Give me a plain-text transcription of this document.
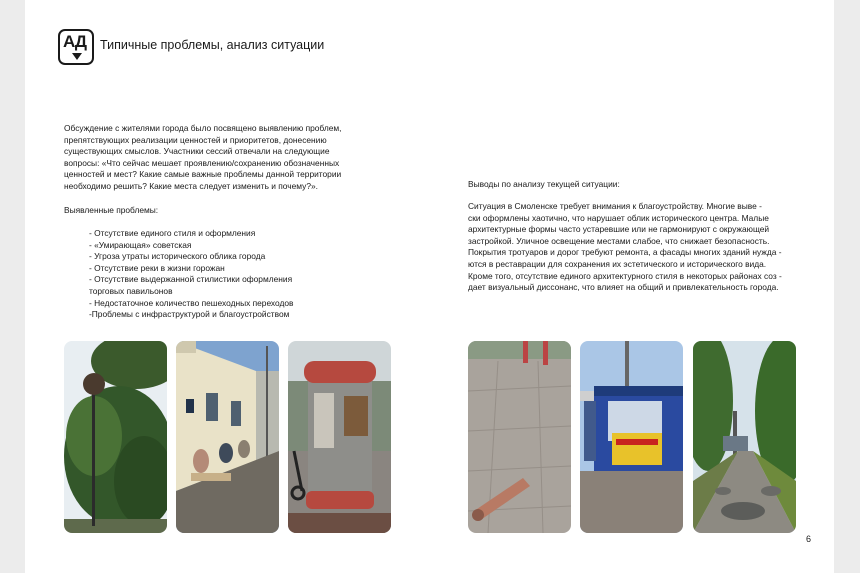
АД Типичные проблемы, анализ ситуации
Обсуждение с жителями города было посвящено выявлению проблем,
препятствующих реализации ценностей и приоритетов, донесению
существующих смыслов. Участники сессий отвечали на следующие
вопросы: «Что сейчас мешает проявлению/сохранению обозначенных
ценностей и мест? Какие самые важные проблемы данной территории
необходимо решить? Какие места следует изменить и почему?».
Выявленные проблемы:
- Отсутствие единого стиля и оформления
- «Умирающая» советская
- Угроза утраты исторического облика города
- Отсутствие реки в жизни горожан
- Отсутствие выдержанной стилистики оформления
торговых павильонов
- Недостаточное количество пешеходных переходов
-Проблемы с инфраструктурой и благоустройством
Выводы по анализу текущей ситуации:
Ситуация в Смоленске требует внимания к благоустройству. Многие выве -
ски оформлены хаотично, что нарушает облик исторического центра. Малые
архитектурные формы часто устаревшие или не гармонируют с окружающей
застройкой. Уличное освещение местами слабое, что снижает безопасность.
Покрытия тротуаров и дорог требуют ремонта, а фасады многих зданий нужда -
ются в реставрации для сохранения их эстетического и исторического вида.
Кроме того, отсутствие единого архитектурного стиля в некоторых районах соз -
дает визуальный диссонанс, что влияет на общий и привлекательность города.
6
